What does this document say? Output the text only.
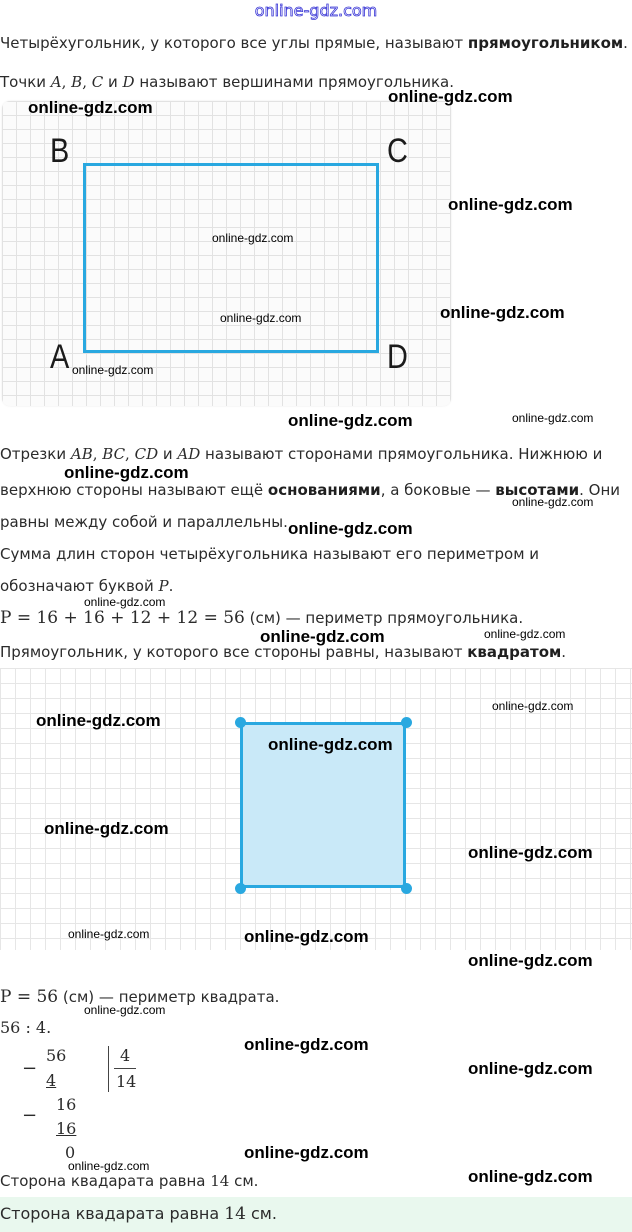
online-gdz.com
Четырёхугольник, у которого все углы прямые, называют прямоугольником.
Точки A, B, C и D называют вершинами прямоугольника.
B	C
A	D
Отрезки AB, BC, CD и AD называют сторонами прямоугольника. Нижнюю и
верхнюю стороны называют ещё основаниями, а боковые — высотами. Они
равны между собой и параллельны.
Сумма длин сторон четырёхугольника называют его периметром и
обозначают буквой P.
P = 16 + 16 + 12 + 12 = 56 (см) — периметр прямоугольника.
Прямоугольник, у которого все стороны равны, называют квадратом.
P = 56 (см) — периметр квадрата.
56 : 4.
−
56
4
4
14
−
16
16
0
Сторона квадарата равна 14 см.
Сторона квадарата равна 14 см.
online-gdz.com
online-gdz.com
online-gdz.com
online-gdz.com
online-gdz.com
online-gdz.com
online-gdz.com
online-gdz.com	online-gdz.com
online-gdz.com
online-gdz.com
online-gdz.com
online-gdz.com
online-gdz.com	online-gdz.com
online-gdz.com
online-gdz.com
online-gdz.com
online-gdz.com
online-gdz.com
online-gdz.com	online-gdz.com
online-gdz.com
online-gdz.com
online-gdz.com
online-gdz.com
online-gdz.com
online-gdz.com
online-gdz.com
